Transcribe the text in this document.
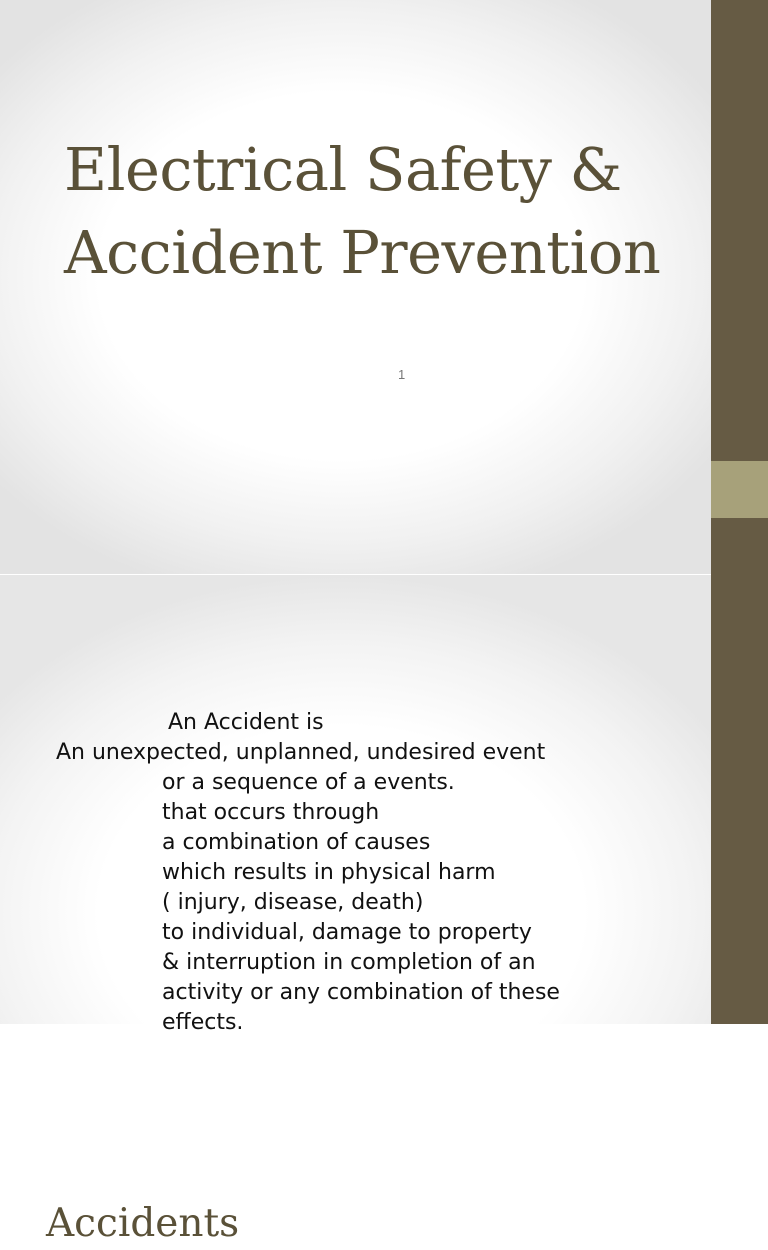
Electrical Safety &
Accident Prevention
1
Accidents
An Accident is
An unexpected, unplanned, undesired event
or a sequence of a events.
that occurs through
a combination of causes
which results in physical harm
( injury, disease, death)
to individual, damage to property
& interruption in completion of an
activity or any combination of these
effects.
